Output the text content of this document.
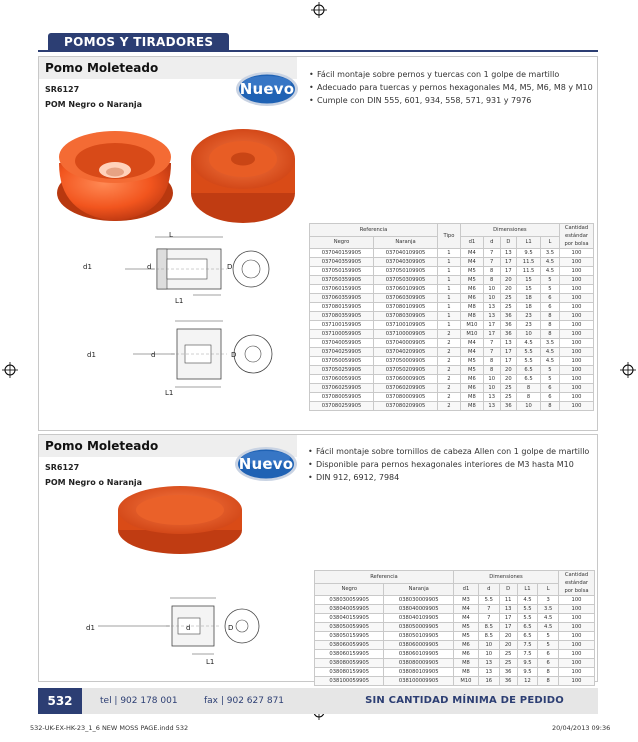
POMOS Y TIRADORES
Pomo Moleteado
SR6127
POM Negro o Naranja
Nuevo
• Fácil montaje sobre pernos y tuercas con 1 golpe de martillo
• Adecuado para tuercas y pernos hexagonales M4, M5, M6, M8 y M10
• Cumple con DIN 555, 601, 934, 558, 571, 931 y 7976
L
d1	d	D
L1
d1	d	D
L1
Referencia		Tipo	Dimensiones					Cantidad estándar por bolsa
Negro	Naranja		d1	d	D	L1	L	
037040159905	037040109905	1	M4	7	13	9.5	3.5	100
037040359905	037040309905	1	M4	7	17	11.5	4.5	100
037050159905	037050109905	1	M5	8	17	11.5	4.5	100
037050359905	037050309905	1	M5	8	20	15	5	100
037060159905	037060109905	1	M6	10	20	15	5	100
037060359905	037060309905	1	M6	10	25	18	6	100
037080159905	037080109905	1	M8	13	25	18	6	100
037080359905	037080309905	1	M8	13	36	23	8	100
037100159905	037100109905	1	M10	17	36	23	8	100
037100059905	037100009905	2	M10	17	36	10	8	100
037040059905	037040009905	2	M4	7	13	4.5	3.5	100
037040259905	037040209905	2	M4	7	17	5.5	4.5	100
037050059905	037050009905	2	M5	8	17	5.5	4.5	100
037050259905	037050209905	2	M5	8	20	6.5	5	100
037060059905	037060009905	2	M6	10	20	6.5	5	100
037060259905	037060209905	2	M6	10	25	8	6	100
037080059905	037080009905	2	M8	13	25	8	6	100
037080259905	037080209905	2	M8	13	36	10	8	100
Pomo Moleteado
SR6127
POM Negro o Naranja
Nuevo
• Fácil montaje sobre tornillos de cabeza Allen con 1 golpe de martillo
• Disponible para pernos hexagonales interiores de M3 hasta M10
• DIN 912, 6912, 7984
d1	d	D
L1
Referencia		Dimensiones					Cantidad estándar por bolsa
Negro	Naranja	d1	d	D	L1	L	
038030059905	038030009905	M3	5.5	11	4.5	3	100
038040059905	038040009905	M4	7	13	5.5	3.5	100
038040159905	038040109905	M4	7	17	5.5	4.5	100
038050059905	038050009905	M5	8.5	17	6.5	4.5	100
038050159905	038050109905	M5	8.5	20	6.5	5	100
038060059905	038060009905	M6	10	20	7.5	5	100
038060159905	038060109905	M6	10	25	7.5	6	100
038080059905	038080009905	M8	13	25	9.5	6	100
038080159905	038080109905	M8	13	36	9.5	8	100
038100059905	038100009905	M10	16	36	12	8	100
532	tel | 902 178 001	fax | 902 627 871	SIN CANTIDAD MÍNIMA DE PEDIDO
532-UK-EX-HK-23_1_6 NEW MOSS PAGE.indd 532	20/04/2013 09:36
